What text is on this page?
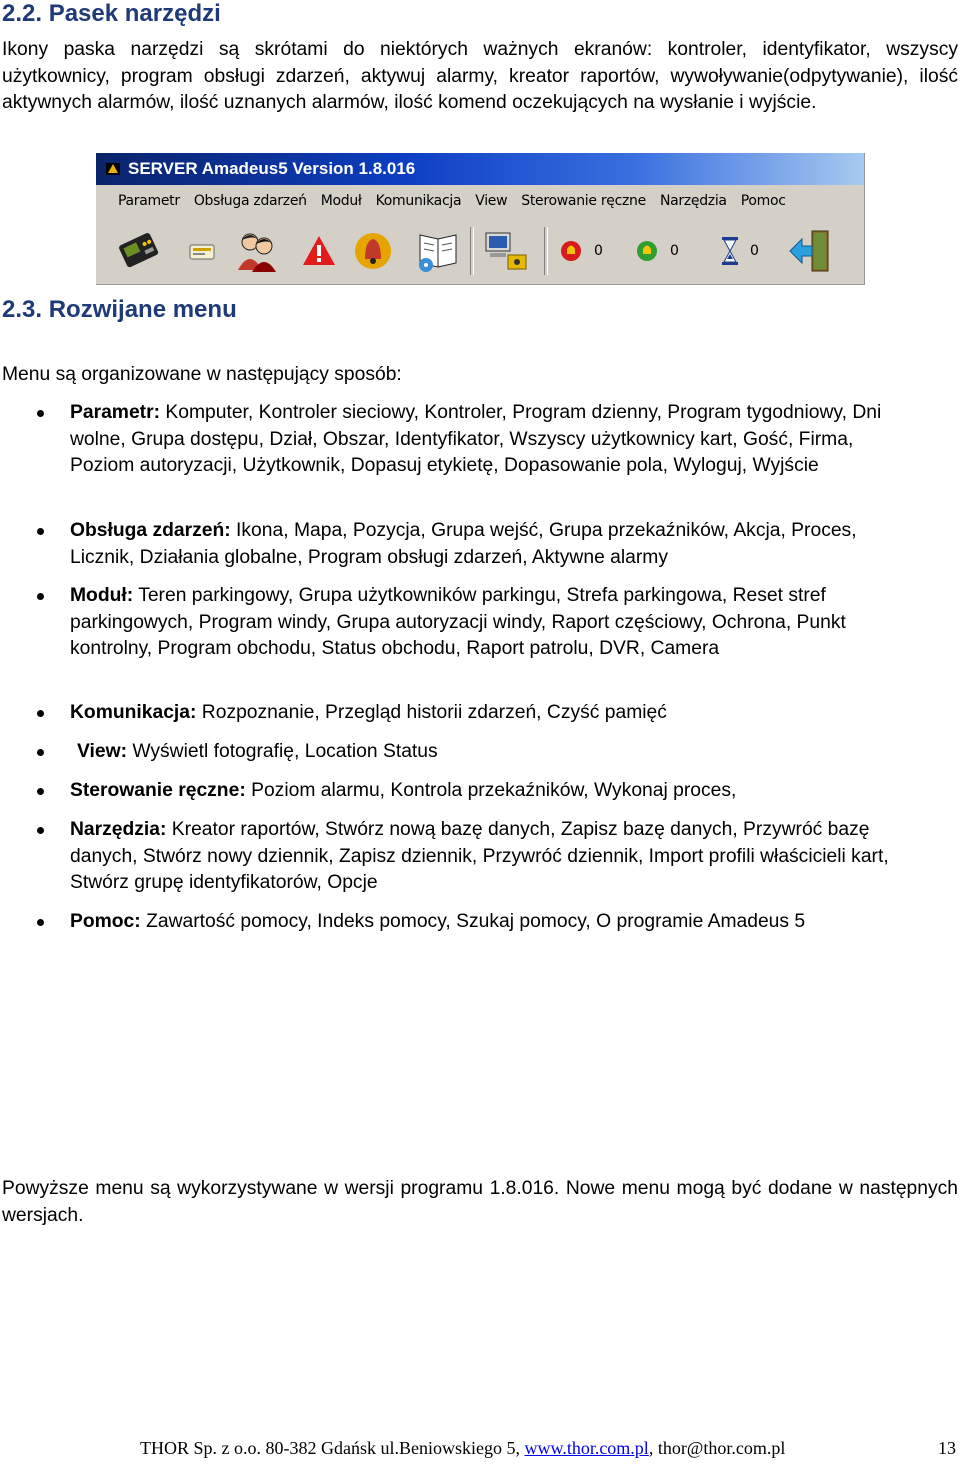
2.2. Pasek narzędzi
Ikony paska narzędzi są skrótami do niektórych ważnych ekranów: kontroler, identyfikator, wszyscy użytkownicy, program obsługi zdarzeń, aktywuj alarmy, kreator raportów, wywoływanie(odpytywanie), ilość aktywnych alarmów, ilość uznanych alarmów, ilość komend oczekujących na wysłanie i wyjście.
SERVER Amadeus5 Version 1.8.016
Parametr Obsługa zdarzeń Moduł Komunikacja View Sterowanie ręczne Narzędzia Pomoc
0	0	0
2.3. Rozwijane menu
Menu są organizowane w następujący sposób:
Parametr: Komputer, Kontroler sieciowy, Kontroler, Program dzienny, Program tygodniowy, Dni wolne, Grupa dostępu, Dział, Obszar, Identyfikator, Wszyscy użytkownicy kart, Gość, Firma, Poziom autoryzacji, Użytkownik, Dopasuj etykietę, Dopasowanie pola, Wyloguj, Wyjście
Obsługa zdarzeń: Ikona, Mapa, Pozycja, Grupa wejść, Grupa przekaźników, Akcja, Proces, Licznik, Działania globalne, Program obsługi zdarzeń, Aktywne alarmy
Moduł: Teren parkingowy, Grupa użytkowników parkingu, Strefa parkingowa, Reset stref parkingowych, Program windy, Grupa autoryzacji windy, Raport częściowy, Ochrona, Punkt kontrolny, Program obchodu, Status obchodu, Raport patrolu, DVR, Camera
Komunikacja: Rozpoznanie, Przegląd historii zdarzeń, Czyść pamięć
View: Wyświetl fotografię, Location Status
Sterowanie ręczne: Poziom alarmu, Kontrola przekaźników, Wykonaj proces,
Narzędzia: Kreator raportów, Stwórz nową bazę danych, Zapisz bazę danych, Przywróć bazę danych, Stwórz nowy dziennik, Zapisz dziennik, Przywróć dziennik, Import profili właścicieli kart, Stwórz grupę identyfikatorów, Opcje
Pomoc: Zawartość pomocy, Indeks pomocy, Szukaj pomocy, O programie Amadeus 5
Powyższe menu są wykorzystywane w wersji programu 1.8.016. Nowe menu mogą być dodane w następnych wersjach.
THOR Sp. z o.o. 80-382 Gdańsk ul.Beniowskiego 5, www.thor.com.pl, thor@thor.com.pl	13
